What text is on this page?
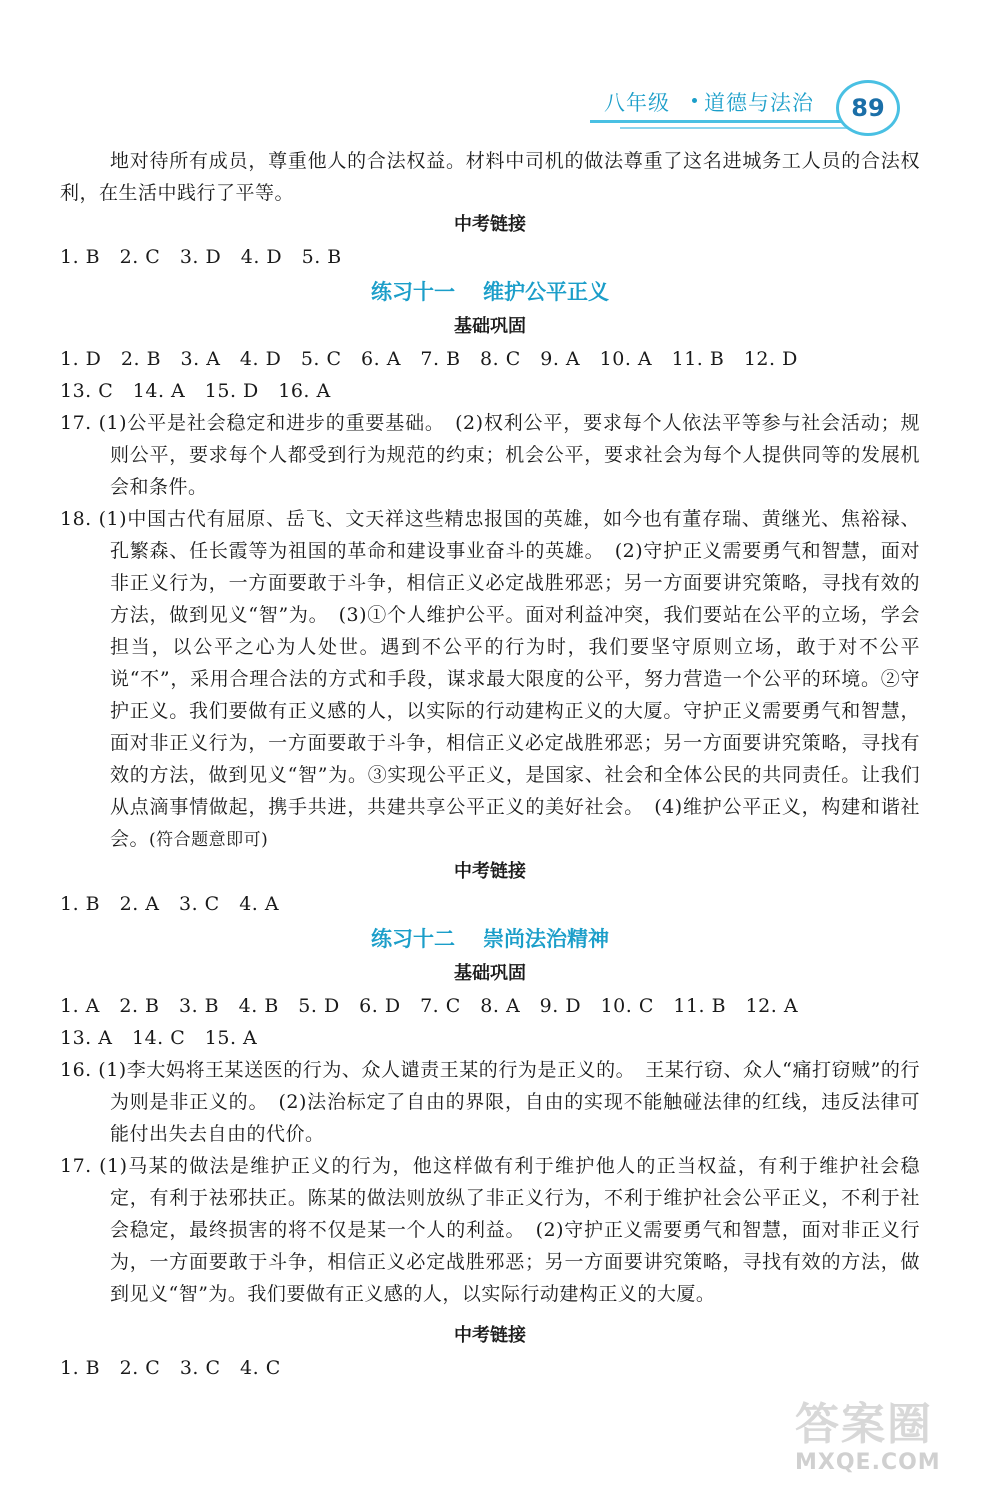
八年级 道德与法治	89

地对待所有成员，尊重他人的合法权益。材料中司机的做法尊重了这名进城务工人员的合法权利，在生活中践行了平等。

中考链接
1. B　2. C　3. D　4. D　5. B
练习十一 维护公平正义
基础巩固
1. D　2. B　3. A　4. D　5. C　6. A　7. B　8. C　9. A　10. A　11. B　12. D
13. C　14. A　15. D　16. A

17. (1)公平是社会稳定和进步的重要基础。　(2)权利公平，要求每个人依法平等参与社会活动；规则公平，要求每个人都受到行为规范的约束；机会公平，要求社会为每个人提供同等的发展机会和条件。

18. (1)中国古代有屈原、岳飞、文天祥这些精忠报国的英雄，如今也有董存瑞、黄继光、焦裕禄、孔繁森、任长霞等为祖国的革命和建设事业奋斗的英雄。　(2)守护正义需要勇气和智慧，面对非正义行为，一方面要敢于斗争，相信正义必定战胜邪恶；另一方面要讲究策略，寻找有效的方法，做到见义“智”为。　(3)①个人维护公平。面对利益冲突，我们要站在公平的立场，学会担当，以公平之心为人处世。遇到不公平的行为时，我们要坚守原则立场，敢于对不公平说“不”，采用合理合法的方式和手段，谋求最大限度的公平，努力营造一个公平的环境。②守护正义。我们要做有正义感的人，以实际的行动建构正义的大厦。守护正义需要勇气和智慧，面对非正义行为，一方面要敢于斗争，相信正义必定战胜邪恶；另一方面要讲究策略，寻找有效的方法，做到见义“智”为。③实现公平正义，是国家、社会和全体公民的共同责任。让我们从点滴事情做起，携手共进，共建共享公平正义的美好社会。　(4)维护公平正义，构建和谐社会。(符合题意即可)

中考链接
1. B　2. A　3. C　4. A
练习十二 崇尚法治精神
基础巩固
1. A　2. B　3. B　4. B　5. D　6. D　7. C　8. A　9. D　10. C　11. B　12. A
13. A　14. C　15. A

16. (1)李大妈将王某送医的行为、众人谴责王某的行为是正义的。　王某行窃、众人“痛打窃贼”的行为则是非正义的。　(2)法治标定了自由的界限，自由的实现不能触碰法律的红线，违反法律可能付出失去自由的代价。

17. (1)马某的做法是维护正义的行为，他这样做有利于维护他人的正当权益，有利于维护社会稳定，有利于祛邪扶正。陈某的做法则放纵了非正义行为，不利于维护社会公平正义，不利于社会稳定，最终损害的将不仅是某一个人的利益。　(2)守护正义需要勇气和智慧，面对非正义行为，一方面要敢于斗争，相信正义必定战胜邪恶；另一方面要讲究策略，寻找有效的方法，做到见义“智”为。我们要做有正义感的人，以实际行动建构正义的大厦。

中考链接
1. B　2. C　3. C　4. C
答案圈
MXQE.COM
